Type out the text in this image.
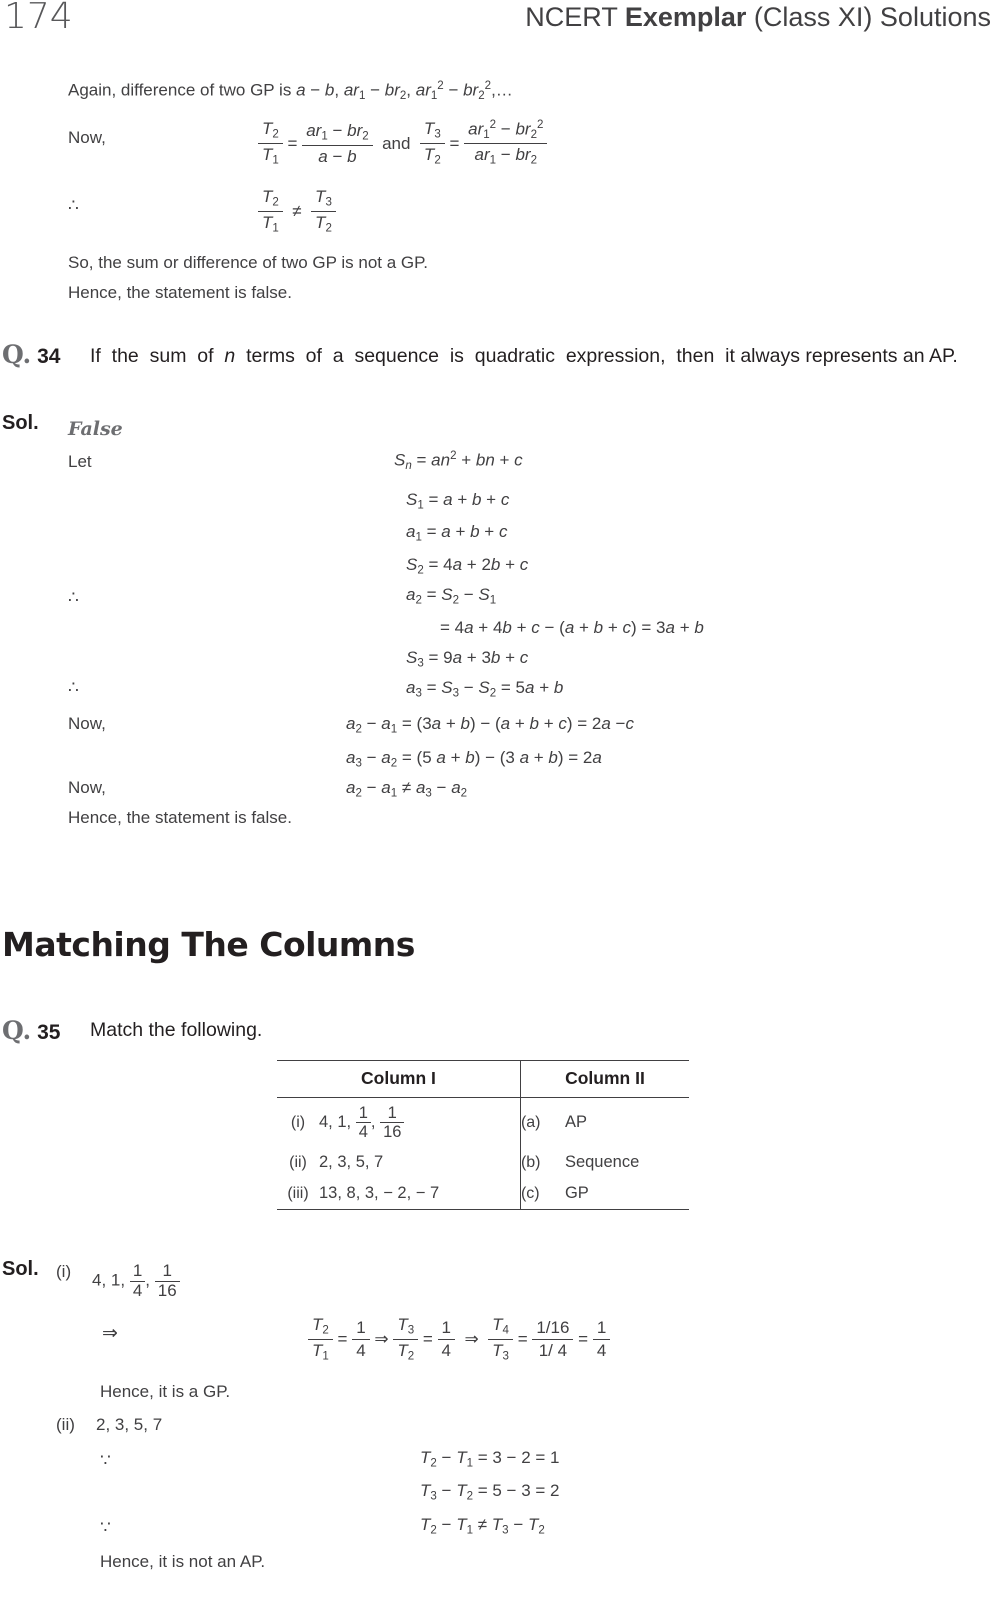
174	NCERT Exemplar (Class XI) Solutions
Again, difference of two GP is a − b, $ar_1 - br_2$, $ar_1^2$ − $br_2^2,\dots$
Now,	$\frac{T_2}{T_1} = \frac{ar_1 - br_2}{a - b}$ and $\frac{T_3}{T_2} = \frac{ar_1^2 - br_2^2}{ar_1 - br_2}$
∴	$\frac{T_2}{T_1} \ne \frac{T_3}{T_2}$
So, the sum or difference of two GP is not a GP.
Hence, the statement is false.
Q. 34 If  the  sum  of  n  terms  of  a  sequence  is  quadratic  expression,  then  it always represents an AP.
Sol. False
Let	$S_n = an^2$ + bn + c
$S_1 = a + b + c$
$a_1 = a + b + c$
$S_2 = 4a + 2b + c$
∴	$a_2 = S_2 - S_1$
= 4a + 4b + c − (a + b + c) = 3a + b
$S_3 = 9a + 3b + c$
∴	$a_3 = S_3 - S_2 = 5a + b$
Now,	$a_2 - a_1 = (3a + b) - (a + b + c) = 2a -c$
$a_3 - a_2 = (5$ a + b) − (3 a + b) = 2a
Now,	$a_2 - a_1 \ne a_3 - a_2$
Hence, the statement is false.
Matching The Columns
Q. 35 Match the following.
Column I		Column II	
(i)	4, 1, $\frac{1}{4}$ , $\frac{1}{16}$	(a)	AP
(ii)	2, 3, 5, 7	(b)	Sequence
(iii)	13, 8, 3, − 2, − 7	(c)	GP
Sol. (i) 4, 1, $\frac{1}{4}$ , $\frac{1}{16}$
⇒	$\frac{T_2}{T_1} = \frac{1}{4}$ ⇒ $\frac{T_3}{T_2} = \frac{1}{4}$ ⇒ $\frac{T_4}{T_3} = \frac{1/16}{1/ 4} = \frac{1}{4}$
Hence, it is a GP.
(ii) 2, 3, 5, 7
∵	$T_2 - T_1 = 3 - 2 = 1$
$T_3 - T_2 = 5 - 3 = 2$
∵	$T_2 - T_1 \ne T_3 - T_2$
Hence, it is not an AP.
